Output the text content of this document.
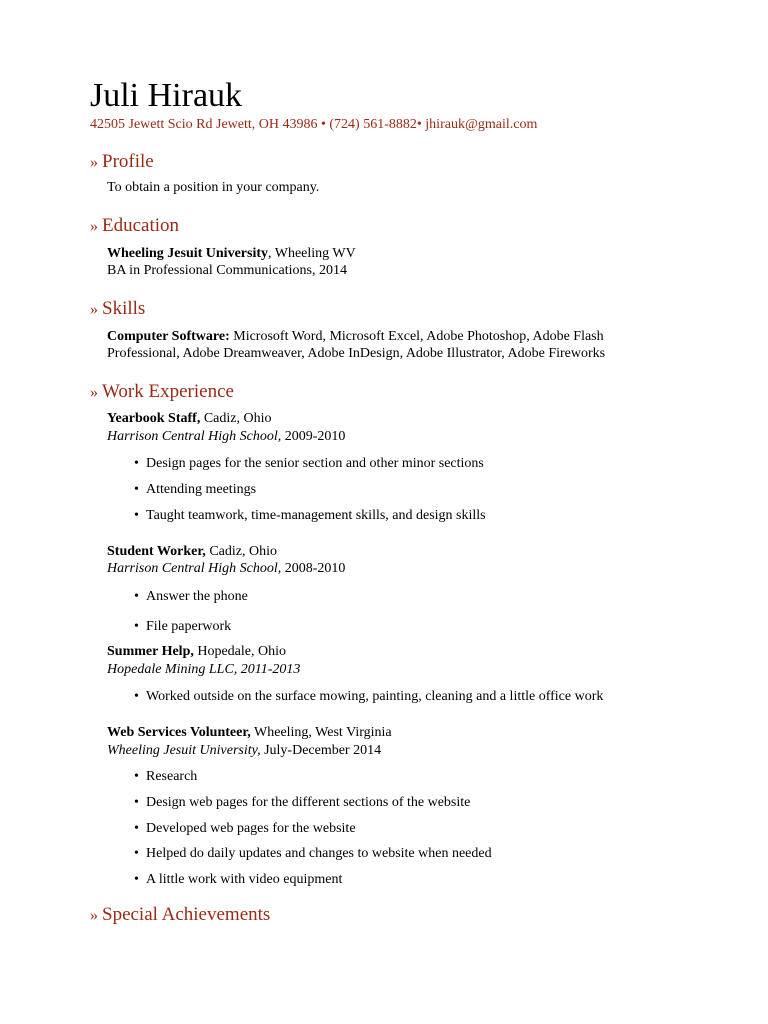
Juli Hirauk
42505 Jewett Scio Rd Jewett, OH 43986 • (724) 561-8882• jhirauk@gmail.com
» Profile
To obtain a position in your company.
» Education
Wheeling Jesuit University, Wheeling WV
BA in Professional Communications, 2014
» Skills
Computer Software: Microsoft Word, Microsoft Excel, Adobe Photoshop, Adobe Flash
Professional, Adobe Dreamweaver, Adobe InDesign, Adobe Illustrator, Adobe Fireworks
» Work Experience
Yearbook Staff, Cadiz, Ohio
Harrison Central High School, 2009-2010
• Design pages for the senior section and other minor sections
• Attending meetings
• Taught teamwork, time-management skills, and design skills
Student Worker, Cadiz, Ohio
Harrison Central High School, 2008-2010
• Answer the phone
• File paperwork
Summer Help, Hopedale, Ohio
Hopedale Mining LLC, 2011-2013
• Worked outside on the surface mowing, painting, cleaning and a little office work
Web Services Volunteer, Wheeling, West Virginia
Wheeling Jesuit University, July-December 2014
• Research
• Design web pages for the different sections of the website
• Developed web pages for the website
• Helped do daily updates and changes to website when needed
• A little work with video equipment
» Special Achievements
